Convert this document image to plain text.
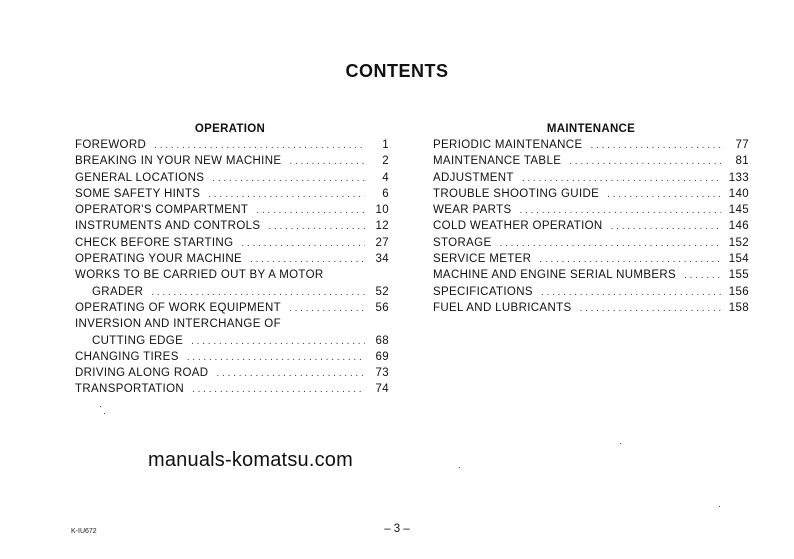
CONTENTS
OPERATION
FOREWORD . . .	1
BREAKING IN YOUR NEW MACHINE . . .	2
GENERAL LOCATIONS . . .	4
SOME SAFETY HINTS . . .	6
OPERATOR'S COMPARTMENT . . .	10
INSTRUMENTS AND CONTROLS . . .	12
CHECK BEFORE STARTING . . .	27
OPERATING YOUR MACHINE . . .	34
WORKS TO BE CARRIED OUT BY A MOTOR
GRADER . . .	52
OPERATING OF WORK EQUIPMENT . . .	56
INVERSION AND INTERCHANGE OF
CUTTING EDGE . . .	68
CHANGING TIRES . . .	69
DRIVING ALONG ROAD . . .	73
TRANSPORTATION . . .	74
MAINTENANCE
PERIODIC MAINTENANCE . . .	77
MAINTENANCE TABLE . . .	81
ADJUSTMENT . . .	133
TROUBLE SHOOTING GUIDE . . .	140
WEAR PARTS . . .	145
COLD WEATHER OPERATION . . .	146
STORAGE . . .	152
SERVICE METER . . .	154
MACHINE AND ENGINE SERIAL NUMBERS . . .	155
SPECIFICATIONS . . .	156
FUEL AND LUBRICANTS . . .	158
manuals-komatsu.com
K-IU672	– 3 –
